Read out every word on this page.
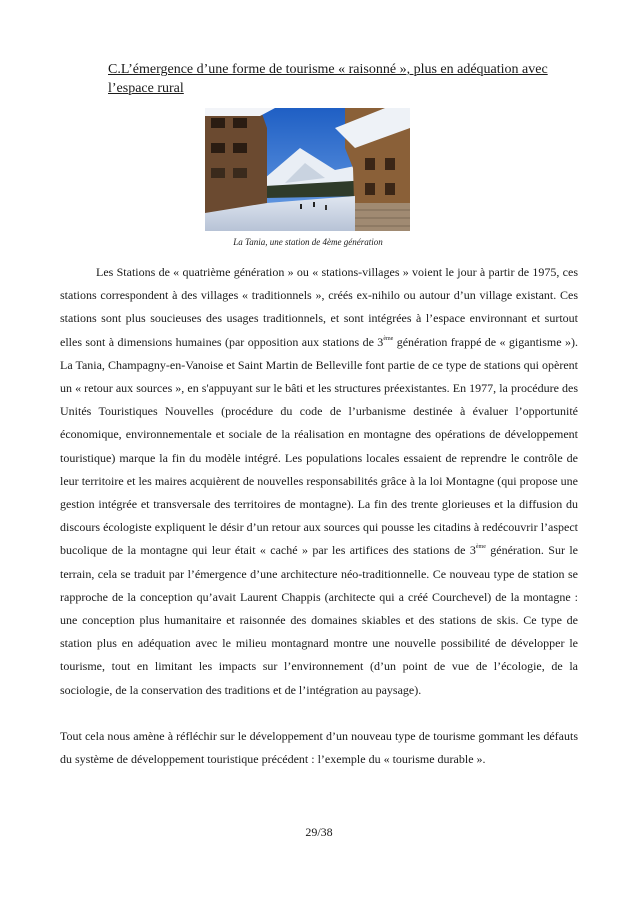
C.L’émergence d’une forme de tourisme « raisonné », plus en adéquation avec l’espace rural
La Tania, une station de 4ème génération

Les Stations de « quatrième génération » ou « stations-villages » voient le jour à partir de 1975, ces stations correspondent à des villages « traditionnels », créés ex-nihilo ou autour d’un village existant. Ces stations sont plus soucieuses des usages traditionnels, et sont intégrées à l’espace environnant et surtout elles sont à dimensions humaines (par opposition aux stations de 3ème génération frappé de « gigantisme »). La Tania, Champagny-en-Vanoise et Saint Martin de Belleville font partie de ce type de stations qui opèrent un « retour aux sources », en s'appuyant sur le bâti et les structures préexistantes. En 1977, la procédure des Unités Touristiques Nouvelles (procédure du code de l’urbanisme destinée à évaluer l’opportunité économique, environnementale et sociale de la réalisation en montagne des opérations de développement touristique) marque la fin du modèle intégré. Les populations locales essaient de reprendre le contrôle de leur territoire et les maires acquièrent de nouvelles responsabilités grâce à la loi Montagne (qui propose une gestion intégrée et transversale des territoires de montagne). La fin des trente glorieuses et la diffusion du discours écologiste expliquent le désir d’un retour aux sources qui pousse les citadins à redécouvrir l’aspect bucolique de la montagne qui leur était « caché » par les artifices des stations de 3ème génération. Sur le terrain, cela se traduit par l’émergence d’une architecture néo-traditionnelle. Ce nouveau type de station se rapproche de la conception qu’avait Laurent Chappis (architecte qui a créé Courchevel) de la montagne : une conception plus humanitaire et raisonnée des domaines skiables et des stations de skis. Ce type de station plus en adéquation avec le milieu montagnard montre une nouvelle possibilité de développer le tourisme, tout en limitant les impacts sur l’environnement (d’un point de vue de l’écologie, de la sociologie, de la conservation des traditions et de l’intégration au paysage).

Tout cela nous amène à réfléchir sur le développement d’un nouveau type de tourisme gommant les défauts du système de développement touristique précédent : l’exemple du « tourisme durable ».

29/38
